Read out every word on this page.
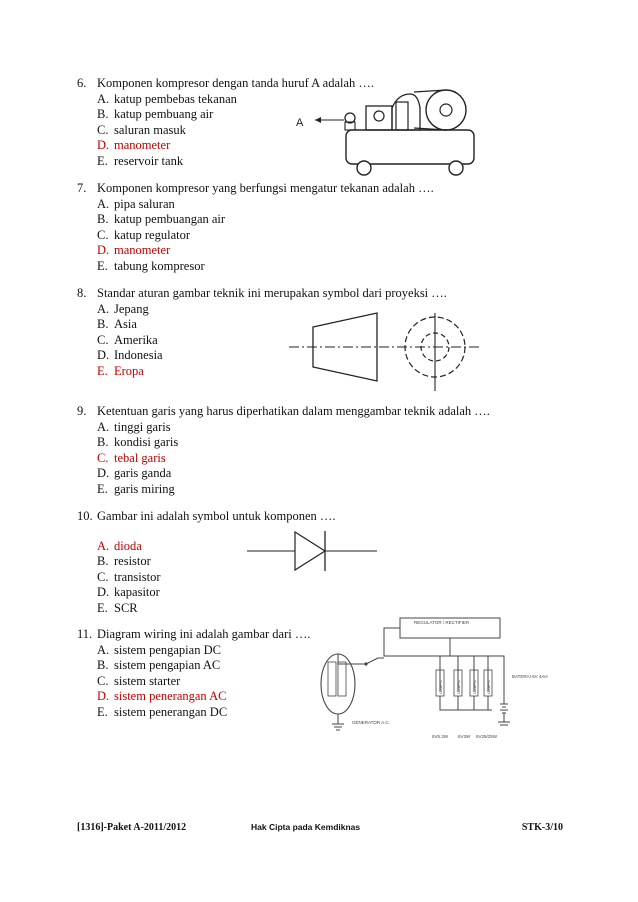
6. Komponen kompresor dengan tanda huruf A adalah ….
A. katup pembebas tekanan
B. katup pembuang air
C. saluran masuk
D. manometer
E. reservoir tank
A
7. Komponen kompresor yang berfungsi mengatur tekanan adalah ….
A. pipa saluran
B. katup pembuangan air
C. katup regulator
D. manometer
E. tabung kompresor
8. Standar aturan gambar teknik ini merupakan symbol dari proyeksi ….
A. Jepang
B. Asia
C. Amerika
D. Indonesia
E. Eropa
9. Ketentuan garis yang harus diperhatikan dalam menggambar teknik adalah ….
A. tinggi garis
B. kondisi garis
C. tebal garis
D. garis ganda
E. garis miring
10. Gambar ini adalah symbol untuk komponen ….
A. dioda
B. resistor
C. transistor
D. kapasitor
E. SCR
11. Diagram wiring ini adalah gambar dari ….
A. sistem pengapian DC
B. sistem pengapian AC
C. sistem starter
D. sistem penerangan AC
E. sistem penerangan DC
REGULATOR / RECTIFIER
GENERATOR A.C.
LAMPU	LAMPU	LAMPU LAMPU
BATERAI 6V 4AH
6V5.3W 6V3W 6V25/25W
[1316]-Paket A-2011/2012	Hak Cipta pada Kemdiknas	STK-3/10
